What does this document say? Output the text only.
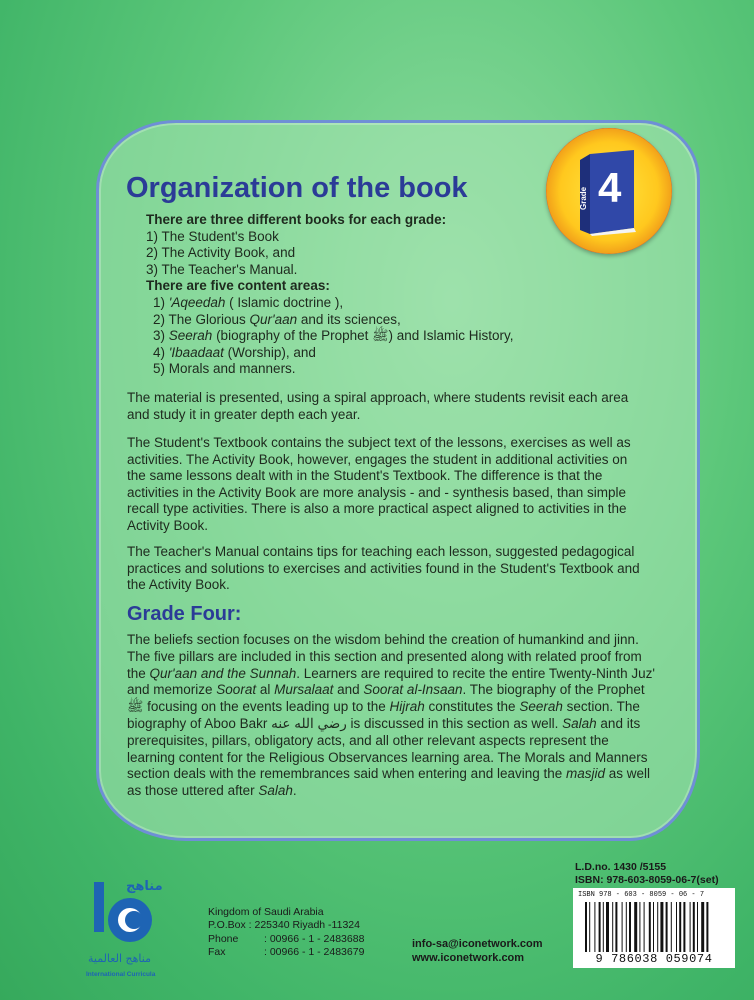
Organization of the book
There are three different books for each grade:
1) The Student's Book
2) The Activity Book, and
3) The Teacher's Manual.
There are five content areas:
1) 'Aqeedah ( Islamic doctrine ),
2) The Glorious Qur'aan and its sciences,
3) Seerah (biography of the Prophet ﷺ) and Islamic History,
4) 'Ibaadaat (Worship), and
5) Morals and manners.

The material is presented, using a spiral approach, where students revisit each area and study it in greater depth each year.

The Student's Textbook contains the subject text of the lessons, exercises as well as activities. The Activity Book, however, engages the student in additional activities on the same lessons dealt with in the Student's Textbook. The difference is that the activities in the Activity Book are more analysis - and - synthesis based, than simple recall type activities. There is also a more practical aspect aligned to activities in the Activity Book.

The Teacher's Manual contains tips for teaching each lesson, suggested pedagogical practices and solutions to exercises and activities found in the Student's Textbook and the Activity Book.

Grade Four:

The beliefs section focuses on the wisdom behind the creation of humankind and jinn. The five pillars are included in this section and presented along with related proof from the Qur'aan and the Sunnah. Learners are required to recite the entire Twenty-Ninth Juz' and memorize Soorat al Mursalaat and Soorat al-Insaan. The biography of the Prophet ﷺ focusing on the events leading up to the Hijrah constitutes the Seerah section. The biography of Aboo Bakr رضي الله عنه is discussed in this section as well. Salah and its prerequisites, pillars, obligatory acts, and all other relevant aspects represent the learning content for the Religious Observances learning area. The Morals and Manners section deals with the remembrances said when entering and leaving the masjid as well as those uttered after Salah.

Grade 4
مناهج
مناهج العالمية
International Curricula
Kingdom of Saudi Arabia
P.O.Box : 225340 Riyadh -11324
Phone	: 00966 - 1 - 2483688
Fax	: 00966 - 1 - 2483679
info-sa@iconetwork.com
www.iconetwork.com
L.D.no. 1430 /5155
ISBN: 978-603-8059-06-7(set)
ISBN 978 - 603 - 8059 - 06 - 7
9 786038 059074
